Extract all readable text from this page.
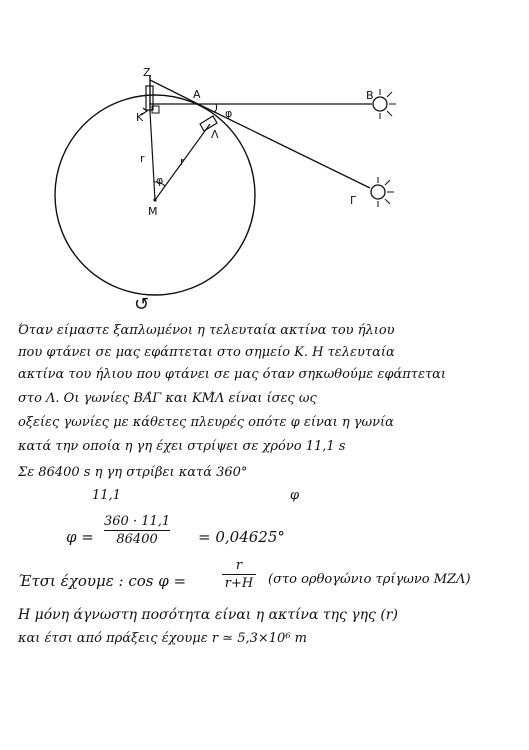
Z
A	B
Γ
K
Λ
M
r	r
φ
φ
↺
Όταν είμαστε ξαπλωμένοι η τελευταία ακτίνα του ήλιου
που φτάνει σε μας εφάπτεται στο σημείο Κ. Η τελευταία
ακτίνα του ήλιου που φτάνει σε μας όταν σηκωθούμε εφάπτεται
στο Λ. Οι γωνίες ΒΑ̂Γ και ΚΜ̂Λ είναι ίσες ως
οξείες γωνίες με κάθετες πλευρές οπότε φ είναι η γωνία
κατά την οποία η γη έχει στρίψει σε χρόνο 11,1 s
Σε 86400 s η γη στρίβει κατά 360°
11,1	φ
φ =
360 · 11,1
86400	= 0,04625°
Έτσι έχουμε : cos φ =
r
r+H (στο ορθογώνιο τρίγωνο ΜΖΛ)
Η μόνη άγνωστη ποσότητα είναι η ακτίνα της γης (r)
και έτσι από πράξεις έχουμε r ≃ 5,3×10⁶ m
